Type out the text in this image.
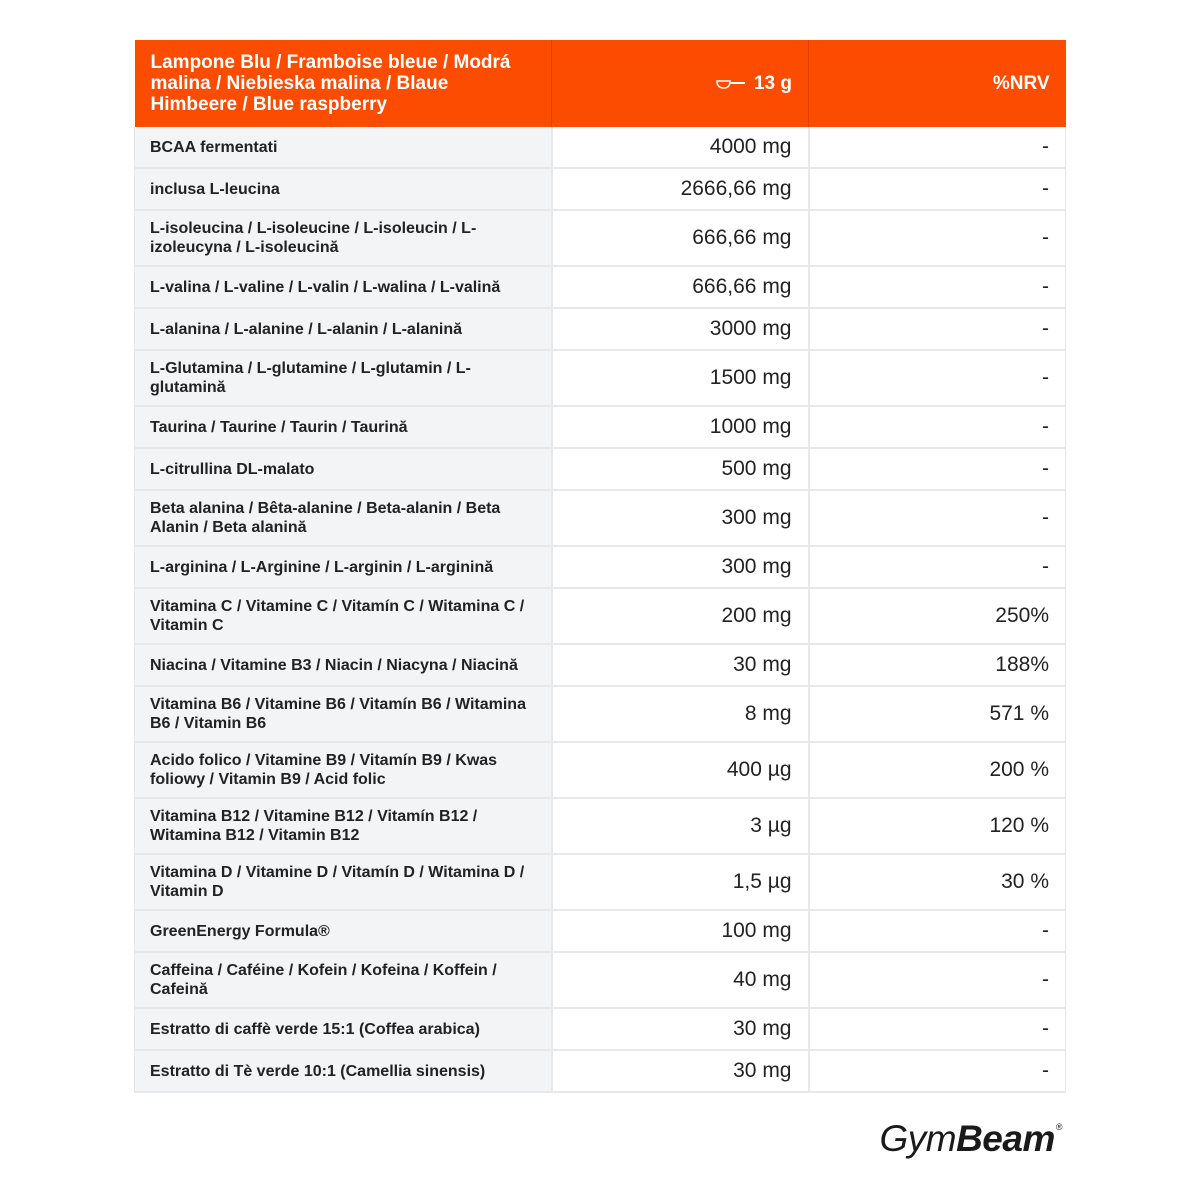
Lampone Blu / Framboise bleue / Modrá malina / Niebieska malina / Blaue Himbeere / Blue raspberry	13 g	%NRV
BCAA fermentati	4000 mg	-
inclusa L-leucina	2666,66 mg	-
L-isoleucina / L-isoleucine / L-isoleucin / L-izoleucyna / L-isoleucină	666,66 mg	-
L-valina / L-valine / L-valin / L-walina / L-valină	666,66 mg	-
L-alanina / L-alanine / L-alanin / L-alanină	3000 mg	-
L-Glutamina / L-glutamine / L-glutamin / L-glutamină	1500 mg	-
Taurina / Taurine / Taurin / Taurină	1000 mg	-
L-citrullina DL-malato	500 mg	-
Beta alanina / Bêta-alanine / Beta-alanin / Beta Alanin / Beta alanină	300 mg	-
L-arginina / L-Arginine / L-arginin / L-arginină	300 mg	-
Vitamina C / Vitamine C / Vitamín C / Witamina C / Vitamin C	200 mg	250%
Niacina / Vitamine B3 / Niacin / Niacyna / Niacină	30 mg	188%
Vitamina B6 / Vitamine B6 / Vitamín B6 / Witamina B6 / Vitamin B6	8 mg	571 %
Acido folico / Vitamine B9 / Vitamín B9 / Kwas foliowy / Vitamin B9 / Acid folic	400 µg	200 %
Vitamina B12 / Vitamine B12 / Vitamín B12 / Witamina B12 / Vitamin B12	3 µg	120 %
Vitamina D / Vitamine D / Vitamín D / Witamina D / Vitamin D	1,5 µg	30 %
GreenEnergy Formula®	100 mg	-
Caffeina / Caféine / Kofein / Kofeina / Koffein / Cafeină	40 mg	-
Estratto di caffè verde 15:1 (Coffea arabica)	30 mg	-
Estratto di Tè verde 10:1 (Camellia sinensis)	30 mg	-
GymBeam®
